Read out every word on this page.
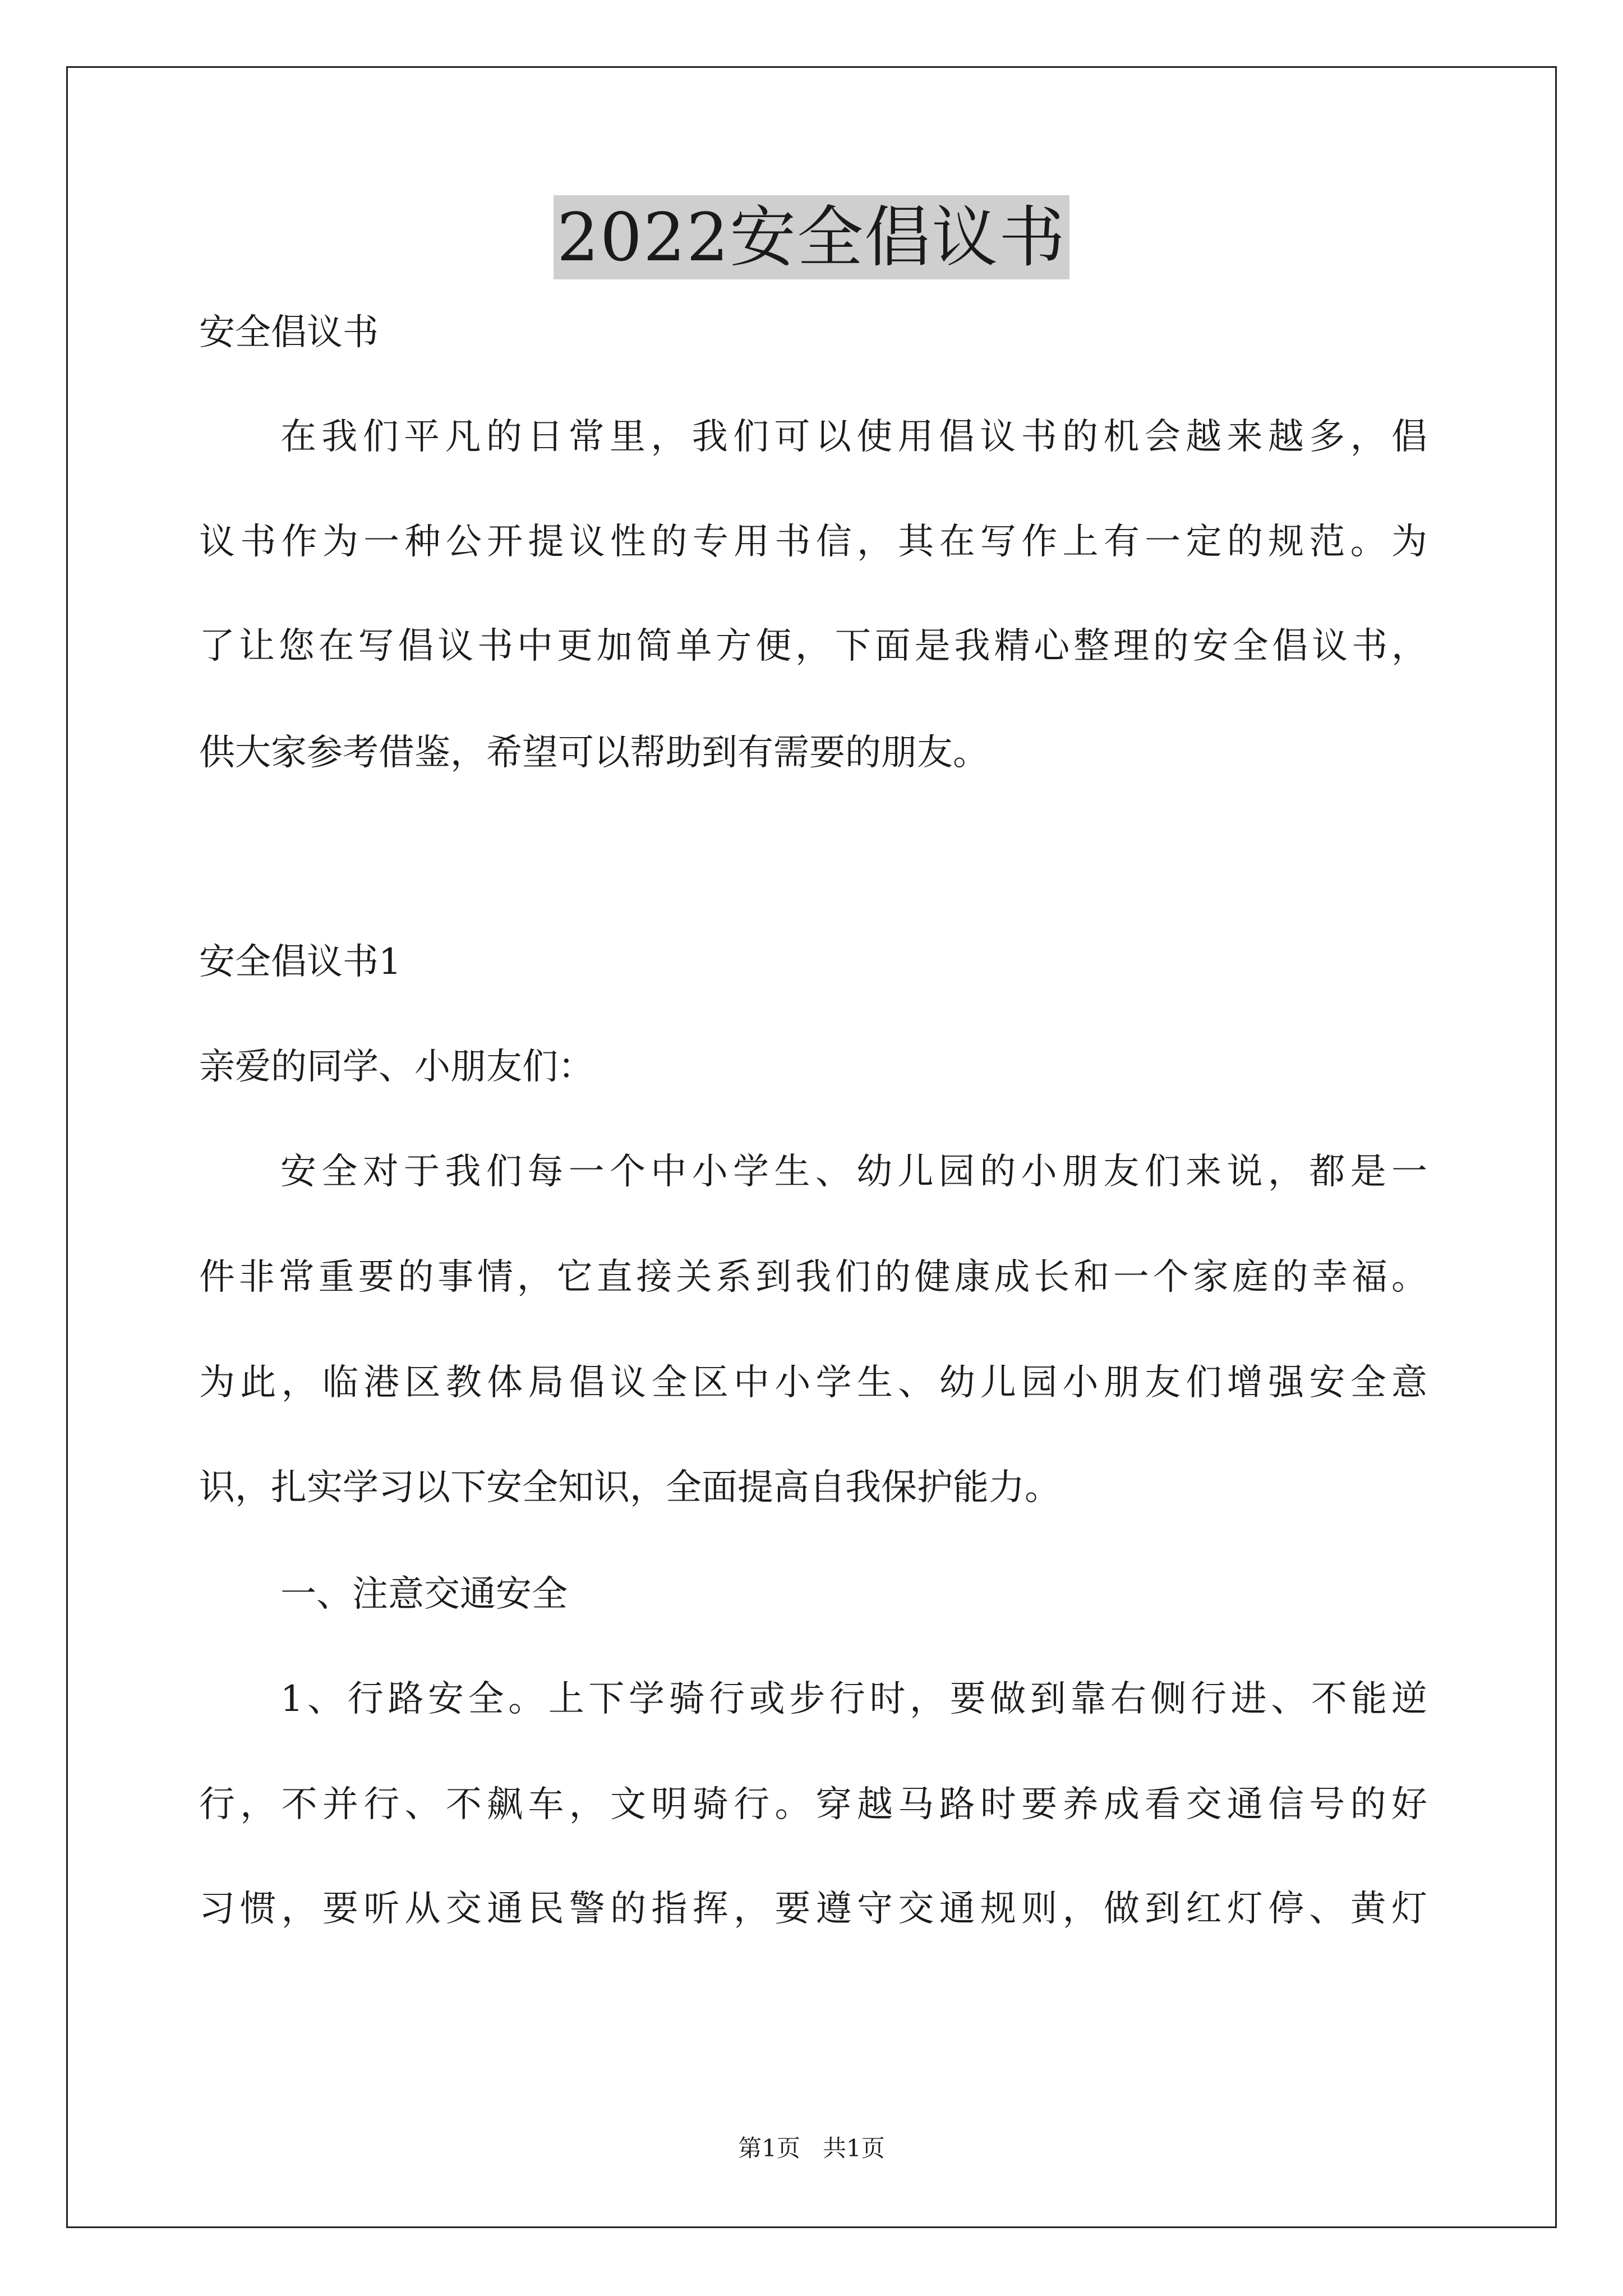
2022安全倡议书
安全倡议书
在我们平凡的日常里，我们可以使用倡议书的机会越来越多，倡
议书作为一种公开提议性的专用书信，其在写作上有一定的规范。为
了让您在写倡议书中更加简单方便，下面是我精心整理的安全倡议书，
供大家参考借鉴，希望可以帮助到有需要的朋友。
安全倡议书1
亲爱的同学、小朋友们：
安全对于我们每一个中小学生、幼儿园的小朋友们来说，都是一
件非常重要的事情，它直接关系到我们的健康成长和一个家庭的幸福。
为此，临港区教体局倡议全区中小学生、幼儿园小朋友们增强安全意
识，扎实学习以下安全知识，全面提高自我保护能力。
一、注意交通安全
1、行路安全。上下学骑行或步行时，要做到靠右侧行进、不能逆
行，不并行、不飙车，文明骑行。穿越马路时要养成看交通信号的好
习惯，要听从交通民警的指挥，要遵守交通规则，做到红灯停、黄灯
第1页 共1页
